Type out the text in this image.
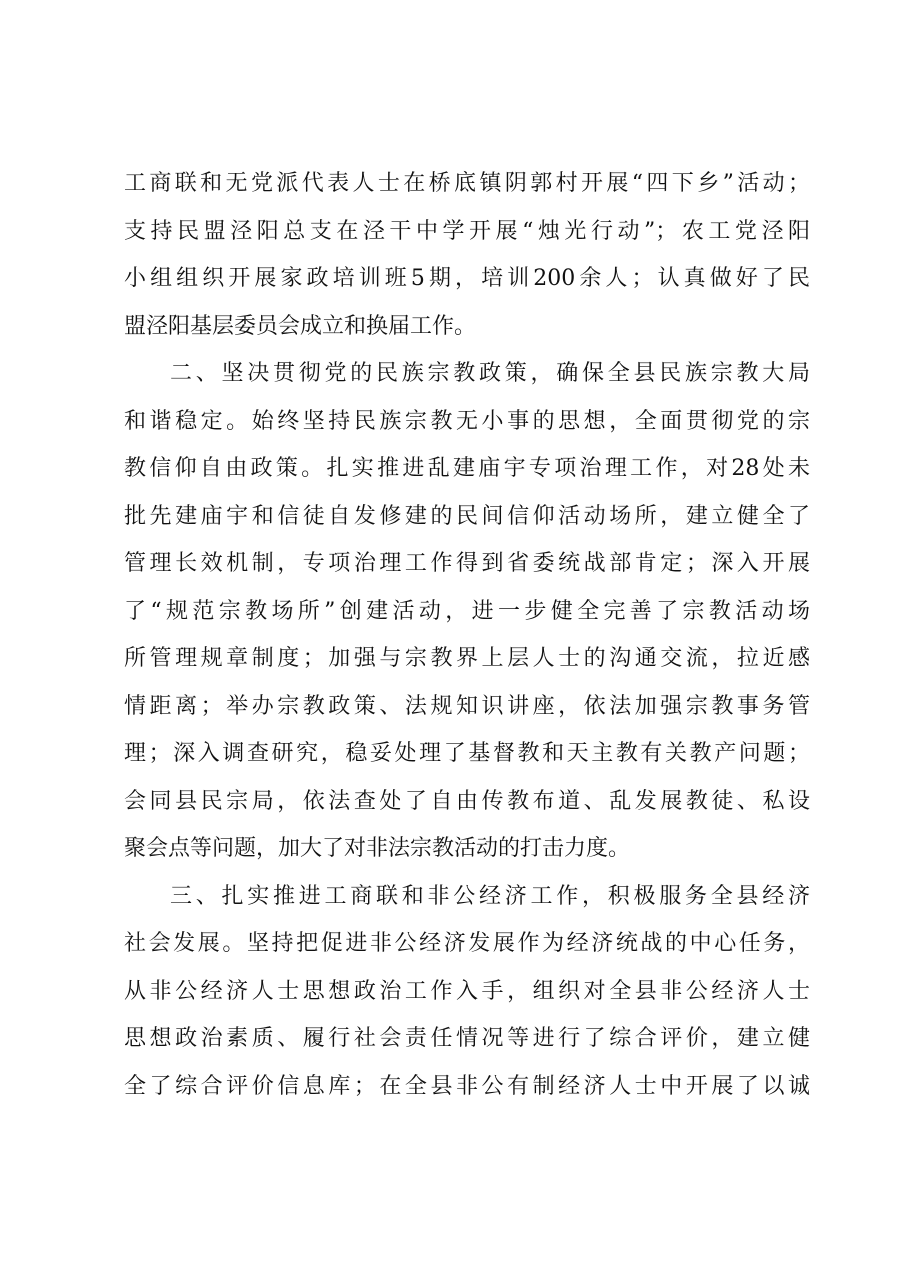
工商联和无党派代表人士在桥底镇阴郭村开展“四下乡”活动；
支持民盟泾阳总支在泾干中学开展“烛光行动”；农工党泾阳
小组组织开展家政培训班5期，培训200余人；认真做好了民
盟泾阳基层委员会成立和换届工作。
二、坚决贯彻党的民族宗教政策，确保全县民族宗教大局
和谐稳定。始终坚持民族宗教无小事的思想，全面贯彻党的宗
教信仰自由政策。扎实推进乱建庙宇专项治理工作，对28处未
批先建庙宇和信徒自发修建的民间信仰活动场所，建立健全了
管理长效机制，专项治理工作得到省委统战部肯定；深入开展
了“规范宗教场所”创建活动，进一步健全完善了宗教活动场
所管理规章制度；加强与宗教界上层人士的沟通交流，拉近感
情距离；举办宗教政策、法规知识讲座，依法加强宗教事务管
理；深入调查研究，稳妥处理了基督教和天主教有关教产问题；
会同县民宗局，依法查处了自由传教布道、乱发展教徒、私设
聚会点等问题，加大了对非法宗教活动的打击力度。
三、扎实推进工商联和非公经济工作，积极服务全县经济
社会发展。坚持把促进非公经济发展作为经济统战的中心任务，
从非公经济人士思想政治工作入手，组织对全县非公经济人士
思想政治素质、履行社会责任情况等进行了综合评价，建立健
全了综合评价信息库；在全县非公有制经济人士中开展了以诚
